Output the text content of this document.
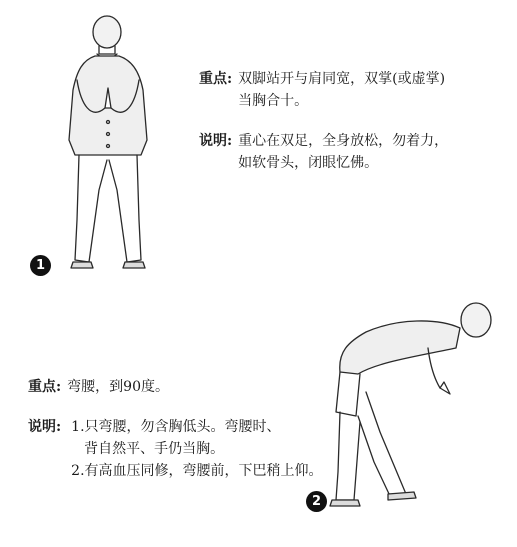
1
重点: 双脚站开与肩同宽，双掌(或虚掌)
当胸合十。
说明: 重心在双足，全身放松，勿着力，
如软骨头，闭眼忆佛。
2
重点: 弯腰，到90度。
说明: 1.只弯腰，勿含胸低头。弯腰时、
背自然平、手仍当胸。
2.有高血压同修，弯腰前，下巴稍上仰。
